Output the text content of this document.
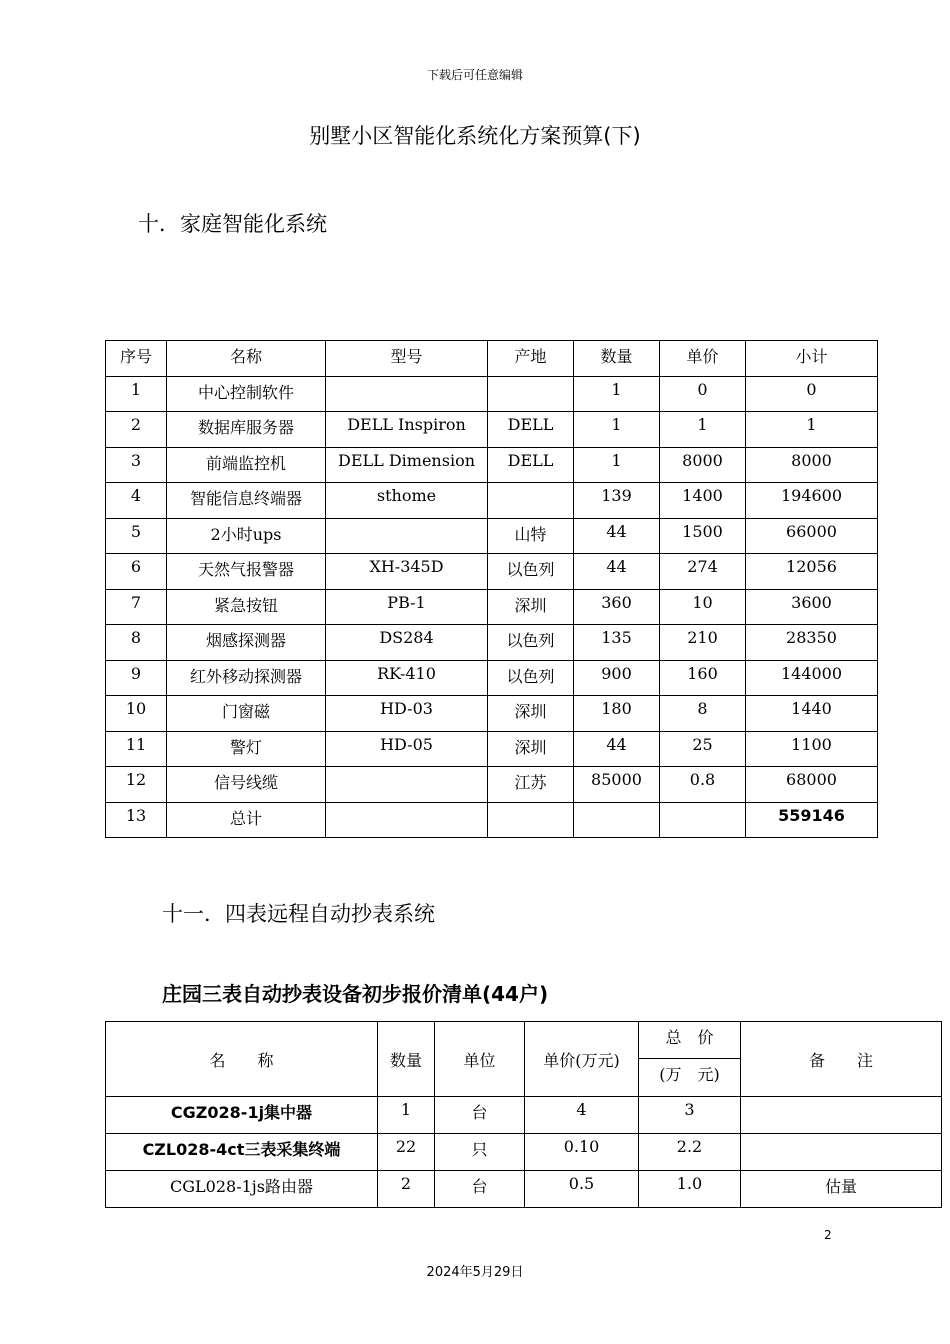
下载后可任意编辑
别墅小区智能化系统化方案预算(下)
十．家庭智能化系统
序号	名称	型号	产地	数量	单价	小计
1	中心控制软件			1	0	0
2	数据库服务器	DELL Inspiron	DELL	1	1	1
3	前端监控机	DELL Dimension	DELL	1	8000	8000
4	智能信息终端器	sthome		139	1400	194600
5	2小时ups		山特	44	1500	66000
6	天然气报警器	XH-345D	以色列	44	274	12056
7	紧急按钮	PB-1	深圳	360	10	3600
8	烟感探测器	DS284	以色列	135	210	28350
9	红外移动探测器	RK-410	以色列	900	160	144000
10	门窗磁	HD-03	深圳	180	8	1440
11	警灯	HD-05	深圳	44	25	1100
12	信号线缆		江苏	85000	0.8	68000
13	总计					559146
十一．四表远程自动抄表系统
庄园三表自动抄表设备初步报价清单(44户)
名　　称	数量	单位	单价(万元)	总　价	备　　注
				(万　元)	
CGZ028-1j集中器	1	台	4	3	
CZL028-4ct三表采集终端	22	只	0.10	2.2	
CGL028-1js路由器	2	台	0.5	1.0	估量
2
2024年5月29日
